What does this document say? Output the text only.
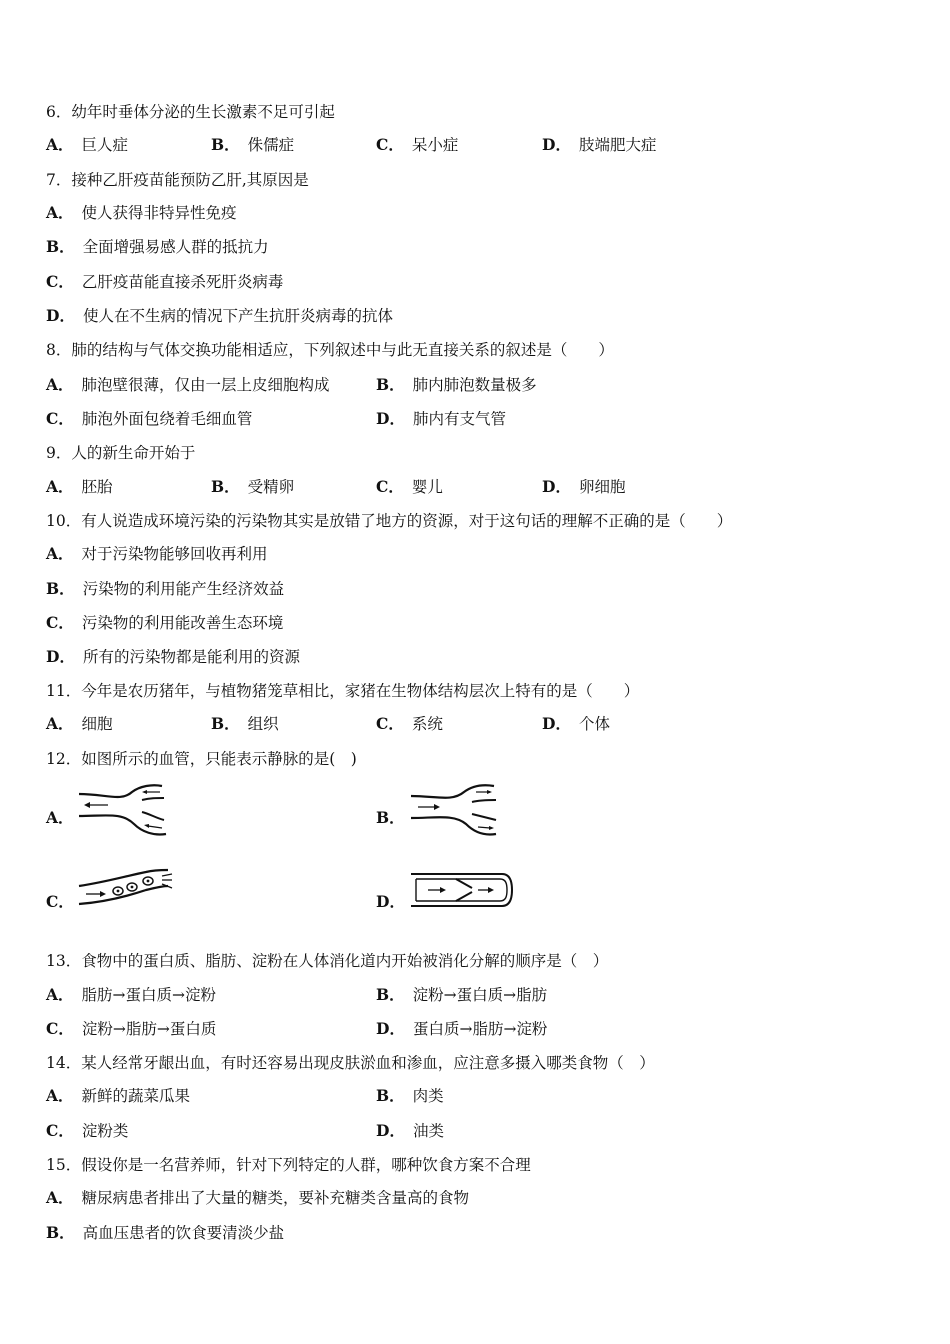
6．幼年时垂体分泌的生长激素不足可引起
A． 巨人症	B． 侏儒症	C． 呆小症	D． 肢端肥大症
7．接种乙肝疫苗能预防乙肝,其原因是
A． 使人获得非特异性免疫
B． 全面增强易感人群的抵抗力
C． 乙肝疫苗能直接杀死肝炎病毒
D． 使人在不生病的情况下产生抗肝炎病毒的抗体
8．肺的结构与气体交换功能相适应，下列叙述中与此无直接关系的叙述是（　　）
A． 肺泡壁很薄，仅由一层上皮细胞构成	B． 肺内肺泡数量极多
C． 肺泡外面包绕着毛细血管	D． 肺内有支气管
9．人的新生命开始于
A． 胚胎	B． 受精卵	C． 婴儿	D． 卵细胞
10．有人说造成环境污染的污染物其实是放错了地方的资源，对于这句话的理解不正确的是（　　）
A． 对于污染物能够回收再利用
B． 污染物的利用能产生经济效益
C． 污染物的利用能改善生态环境
D． 所有的污染物都是能利用的资源
11．今年是农历猪年，与植物猪笼草相比，家猪在生物体结构层次上特有的是（　　）
A． 细胞	B． 组织	C． 系统	D． 个体
12．如图所示的血管，只能表示静脉的是(　)
A．	B．
C．	D．
13．食物中的蛋白质、脂肪、淀粉在人体消化道内开始被消化分解的顺序是（　）
A． 脂肪→蛋白质→淀粉	B． 淀粉→蛋白质→脂肪
C． 淀粉→脂肪→蛋白质	D． 蛋白质→脂肪→淀粉
14．某人经常牙龈出血，有时还容易出现皮肤淤血和渗血，应注意多摄入哪类食物（　）
A． 新鲜的蔬菜瓜果	B． 肉类
C． 淀粉类	D． 油类
15．假设你是一名营养师，针对下列特定的人群，哪种饮食方案不合理
A． 糖尿病患者排出了大量的糖类，要补充糖类含量高的食物
B． 高血压患者的饮食要清淡少盐
